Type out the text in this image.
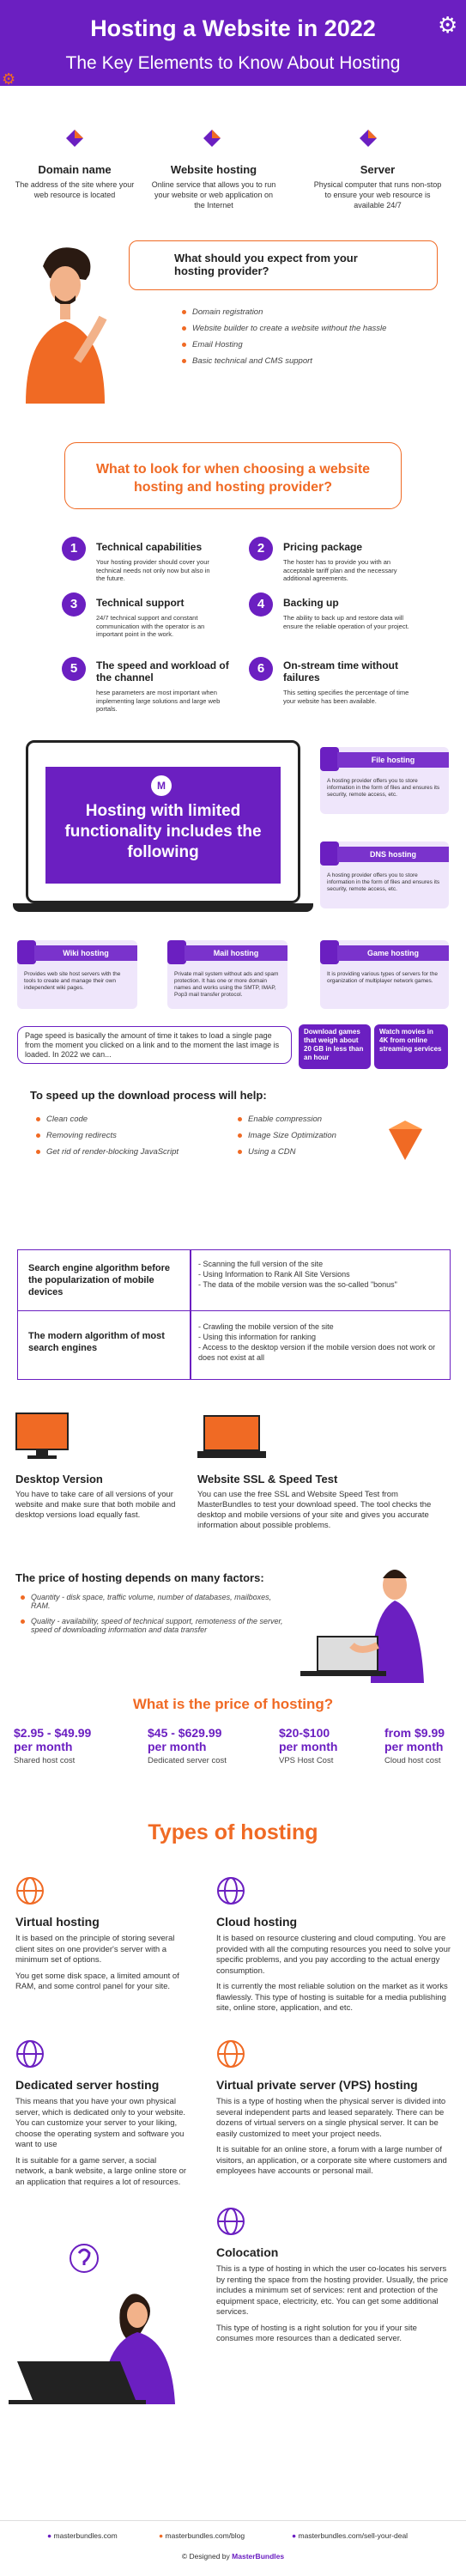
Hosting a Website in 2022
The Key Elements to Know About Hosting
⚙
⚙
Domain name
The address of the site where your web resource is located
Website hosting
Online service that allows you to run your website or web application on the Internet
Server
Physical computer that runs non-stop to ensure your web resource is available 24/7
What should you expect from your hosting provider?
Domain registration
Website builder to create a website without the hassle
Email Hosting
Basic technical and CMS support
What to look for when choosing a website hosting and hosting provider?
1	Technical capabilities
Your hosting provider should cover your technical needs not only now but also in the future.
2	Pricing package
The hoster has to provide you with an acceptable tariff plan and the necessary additional agreements.
3	Technical support
24/7 technical support and constant communication with the operator is an important point in the work.
4	Backing up
The ability to back up and restore data will ensure the reliable operation of your project.
5	The speed and workload of the channel
hese parameters are most important when implementing large solutions and large web portals.
6	On-stream time without failures
This setting specifies the percentage of time your website has been available.
M
Hosting with limited functionality includes the following
File hosting
A hosting provider offers you to store information in the form of files and ensures its security, remote access, etc.
DNS hosting
A hosting provider offers you to store information in the form of files and ensures its security, remote access, etc.
Wiki hosting
Provides web site host servers with the tools to create and manage their own independent wiki pages.
Mail hosting
Private mail system without ads and spam protection. It has one or more domain names and works using the SMTP, IMAP, Pop3 mail transfer protocol.
Game hosting
It is providing various types of servers for the organization of multiplayer network games.
Page speed is basically the amount of time it takes to load a single page from the moment you clicked on a link and to the moment the last image is loaded. In 2022 we can...
Download games that weigh about 20 GB in less than an hour
Watch movies in 4K from online streaming services
To speed up the download process will help:
Clean code
Removing redirects
Get rid of render-blocking JavaScript
Enable compression
Image Size Optimization
Using a CDN
Search engine algorithm before the popularization of mobile devices
- Scanning the full version of the site
- Using Information to Rank All Site Versions
- The data of the mobile version was the so-called "bonus"
The modern algorithm of most search engines
- Crawling the mobile version of the site
- Using this information for ranking
- Access to the desktop version if the mobile version does not work or does not exist at all
Desktop Version
You have to take care of all versions of your website and make sure that both mobile and desktop versions load equally fast.
Website SSL & Speed Test
You can use the free SSL and Website Speed Test from MasterBundles to test your download speed. The tool checks the desktop and mobile versions of your site and gives you accurate information about possible problems.
The price of hosting depends on many factors:
Quantity - disk space, traffic volume, number of databases, mailboxes, RAM.
Quality - availability, speed of technical support, remoteness of the server, speed of downloading information and data transfer
What is the price of hosting?
$2.95 - $49.99
per month
Shared host cost
$45 - $629.99
per month
Dedicated server cost
$20-$100
per month
VPS Host Cost
from $9.99
per month
Cloud host cost
Types of hosting
Virtual hosting

It is based on the principle of storing several client sites on one provider's server with a minimum set of options.

You get some disk space, a limited amount of RAM, and some control panel for your site.

Cloud hosting

It is based on resource clustering and cloud computing. You are provided with all the computing resources you need to solve your specific problems, and you pay according to the actual energy consumption.

It is currently the most reliable solution on the market as it works flawlessly. This type of hosting is suitable for a media publishing site, online store, application, and etc.

Dedicated server hosting

This means that you have your own physical server, which is dedicated only to your website. You can customize your server to your liking, choose the operating system and software you want to use

It is suitable for a game server, a social network, a bank website, a large online store or an application that requires a lot of resources.

Virtual private server (VPS) hosting

This is a type of hosting when the physical server is divided into several independent parts and leased separately. There can be dozens of virtual servers on a single physical server. It can be easily customized to meet your project needs.

It is suitable for an online store, a forum with a large number of visitors, an application, or a corporate site where customers and employees have accounts or personal mail.

Colocation

This is a type of hosting in which the user co-locates his servers by renting the space from the hosting provider. Usually, the price includes a minimum set of services: rent and protection of the equipment space, electricity, etc. You can get some additional services.

This type of hosting is a right solution for you if your site consumes more resources than a dedicated server.

● masterbundles.com	● masterbundles.com/blog	● masterbundles.com/sell-your-deal
© Designed by MasterBundles
